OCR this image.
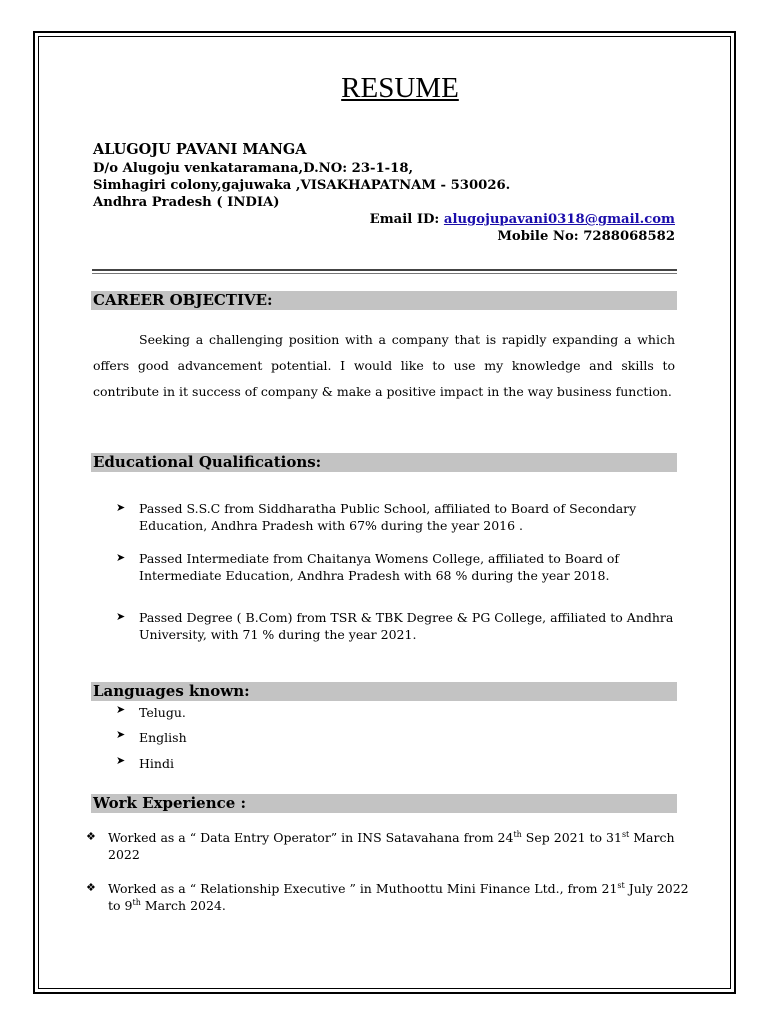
RESUME
ALUGOJU PAVANI MANGA
D/o Alugoju venkataramana,D.NO: 23-1-18,
Simhagiri colony,gajuwaka ,VISAKHAPATNAM - 530026.
Andhra Pradesh ( INDIA)
Email ID: alugojupavani0318@gmail.com
Mobile No: 7288068582
CAREER OBJECTIVE:
Seeking a challenging position with a company that is rapidly expanding a which offers good advancement potential. I would like to use my knowledge and skills to contribute in it success of company & make a positive impact in the way business function.
Educational Qualifications:
➤ Passed S.S.C from Siddharatha Public School, affiliated to Board of Secondary
Education, Andhra Pradesh with 67% during the year 2016 .
➤ Passed Intermediate from Chaitanya Womens College, affiliated to Board of
Intermediate Education, Andhra Pradesh with 68 % during the year 2018.
➤ Passed Degree ( B.Com) from TSR & TBK Degree & PG College, affiliated to Andhra
University, with 71 % during the year 2021.
Languages known:
➤ Telugu.
➤ English
➤ Hindi
Work Experience :
❖ Worked as a “ Data Entry Operator” in INS Satavahana from 24th Sep 2021 to 31st March
2022
❖ Worked as a “ Relationship Executive ” in Muthoottu Mini Finance Ltd., from 21st July 2022
to 9th March 2024.
